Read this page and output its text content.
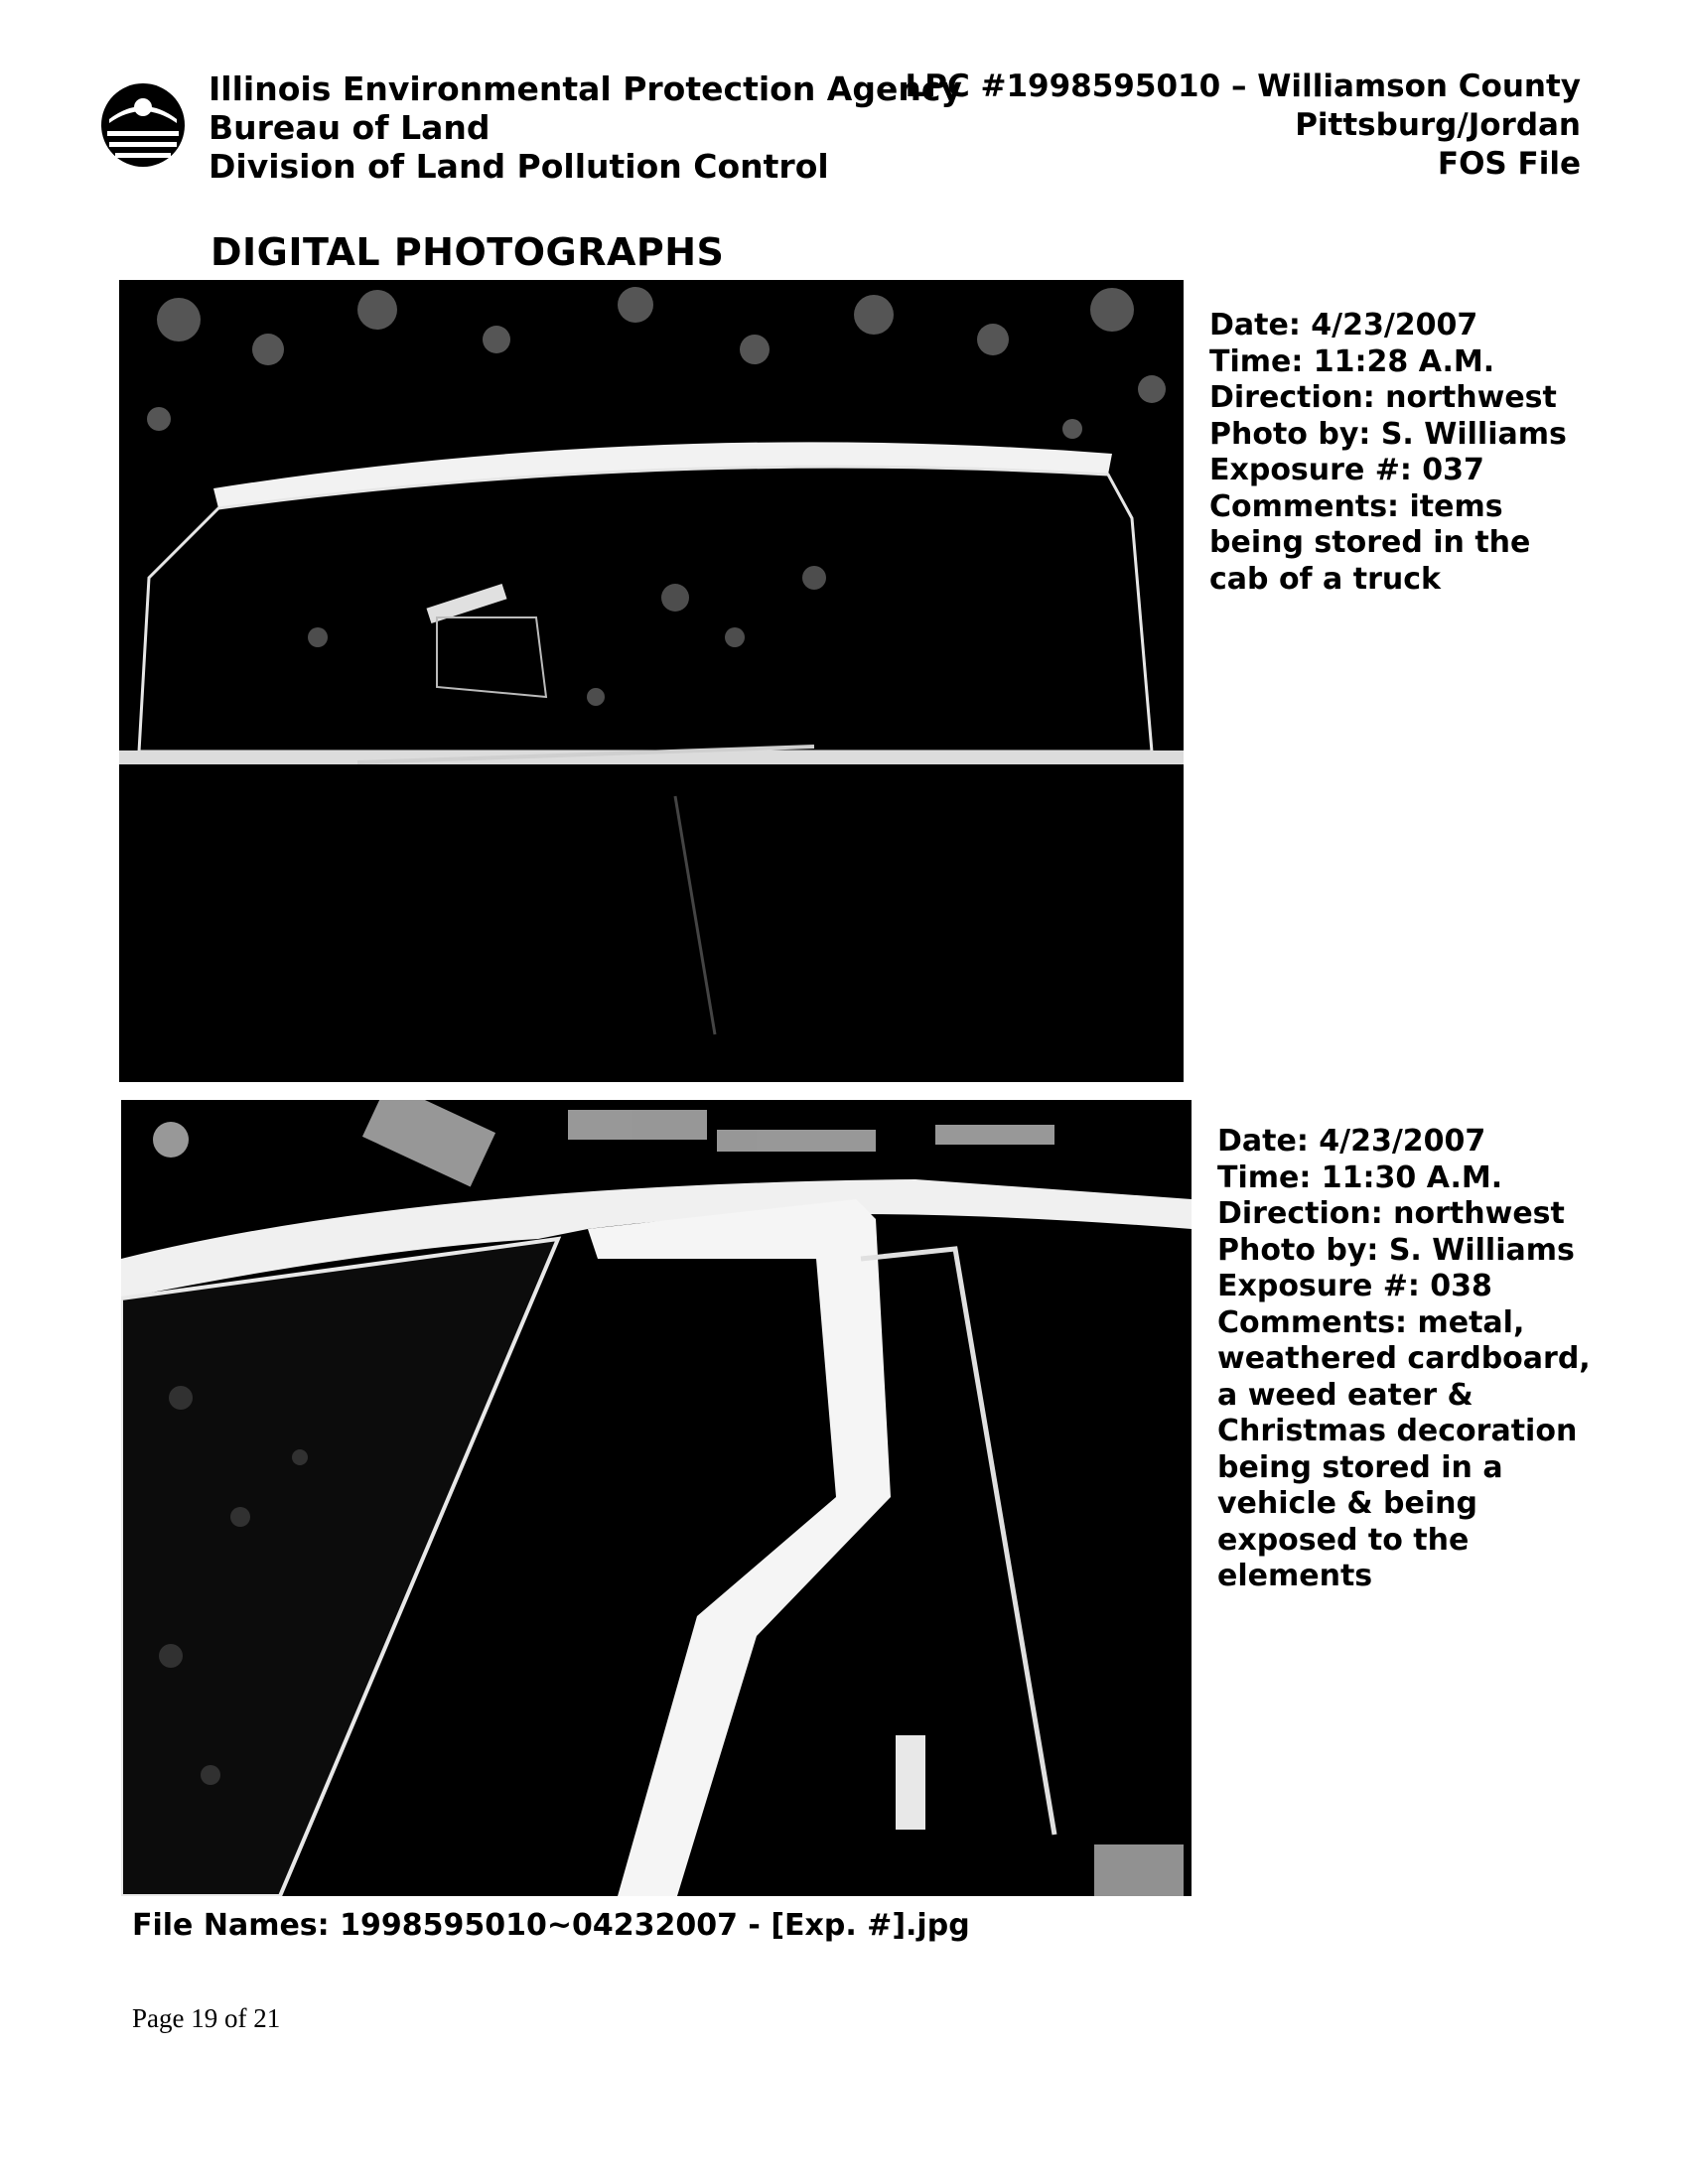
Illinois Environmental Protection Agency
Bureau of Land
Division of Land Pollution Control
LPC #1998595010 – Williamson County
Pittsburg/Jordan
FOS File
DIGITAL PHOTOGRAPHS
Date: 4/23/2007
Time: 11:28 A.M.
Direction: northwest
Photo by: S. Williams
Exposure #: 037
Comments: items
being stored in the
cab of a truck
Date: 4/23/2007
Time: 11:30 A.M.
Direction: northwest
Photo by: S. Williams
Exposure #: 038
Comments: metal,
weathered cardboard,
a weed eater &
Christmas decoration
being stored in a
vehicle & being
exposed to the
elements
File Names: 1998595010~04232007 - [Exp. #].jpg
Page 19 of 21
